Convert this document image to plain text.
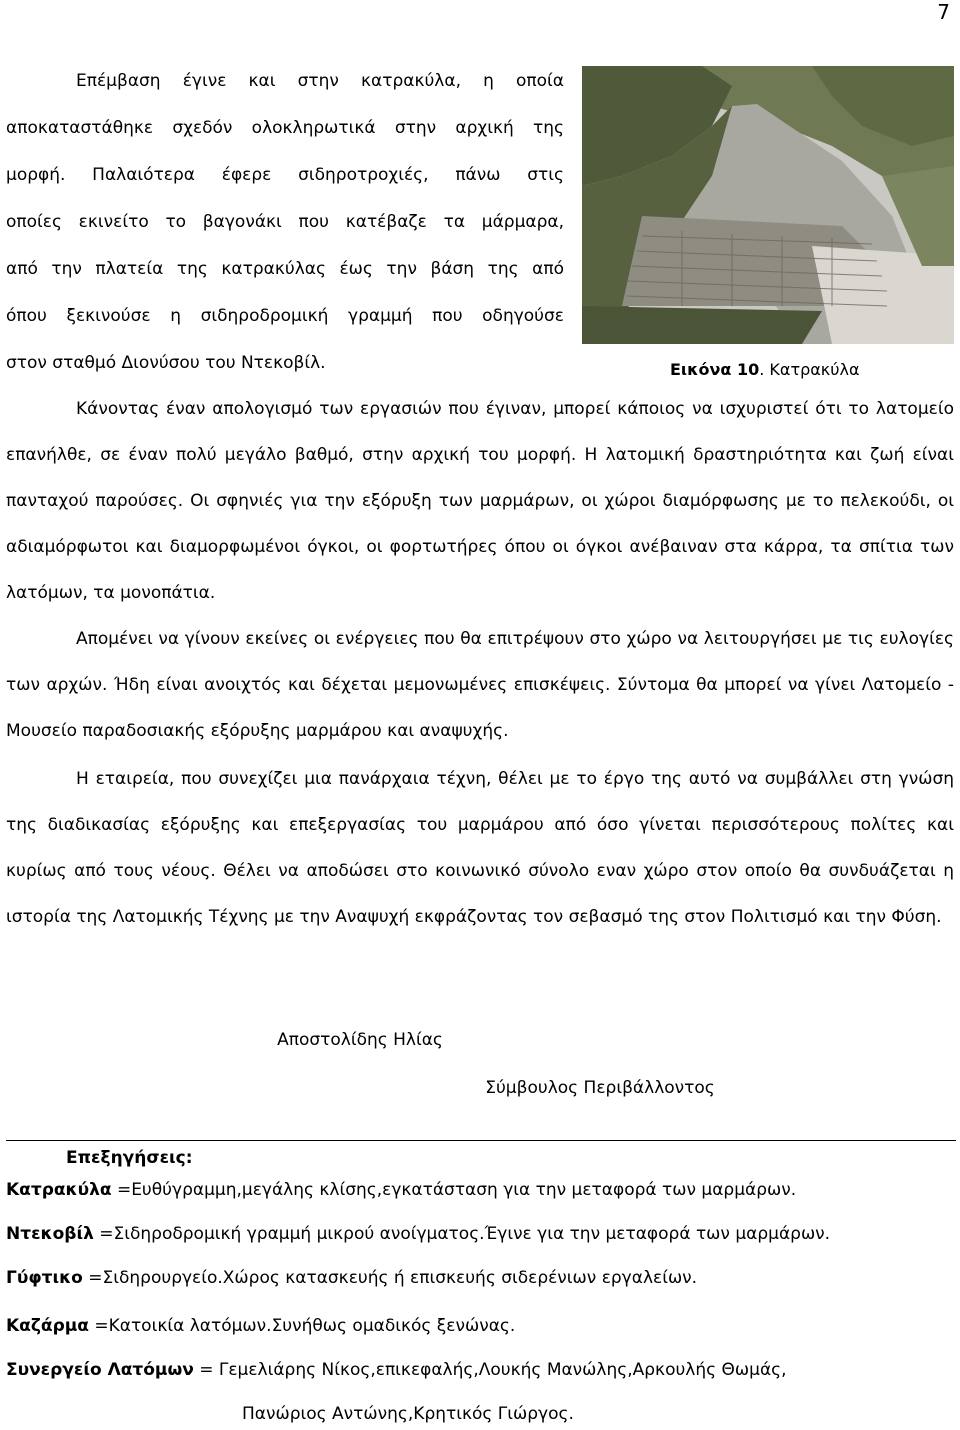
7

Επέμβαση έγινε και στην κατρακύλα, η οποία

αποκαταστάθηκε σχεδόν ολοκληρωτικά στην αρχική της

μορφή. Παλαιότερα έφερε σιδηροτροχιές, πάνω στις

οποίες εκινείτο το βαγονάκι που κατέβαζε τα μάρμαρα,

από την πλατεία της κατρακύλας έως την βάση της από

όπου ξεκινούσε η σιδηροδρομική γραμμή που οδηγούσε

στον σταθμό Διονύσου του Ντεκοβίλ.	Εικόνα 10. Κατρακύλα

Κάνοντας έναν απολογισμό των εργασιών που έγιναν, μπορεί κάποιος να ισχυριστεί ότι το λατομείο επανήλθε, σε έναν πολύ μεγάλο βαθμό, στην αρχική του μορφή. Η λατομική δραστηριότητα και ζωή είναι πανταχού παρούσες. Οι σφηνιές για την εξόρυξη των μαρμάρων, οι χώροι διαμόρφωσης με το πελεκούδι, οι αδιαμόρφωτοι και διαμορφωμένοι όγκοι, οι φορτωτήρες όπου οι όγκοι ανέβαιναν στα κάρρα, τα σπίτια των λατόμων, τα μονοπάτια.

Απομένει να γίνουν εκείνες οι ενέργειες που θα επιτρέψουν στο χώρο να λειτουργήσει με τις ευλογίες των αρχών. Ήδη είναι ανοιχτός και δέχεται μεμονωμένες επισκέψεις. Σύντομα θα μπορεί να γίνει Λατομείο - Μουσείο παραδοσιακής εξόρυξης μαρμάρου και αναψυχής.

Η εταιρεία, που συνεχίζει μια πανάρχαια τέχνη, θέλει με το έργο της αυτό να συμβάλλει στη γνώση της διαδικασίας εξόρυξης και επεξεργασίας του μαρμάρου από όσο γίνεται περισσότερους πολίτες και κυρίως από τους νέους. Θέλει να αποδώσει στο κοινωνικό σύνολο εναν χώρο στον οποίο θα συνδυάζεται η ιστορία της Λατομικής Τέχνης με την Αναψυχή εκφράζοντας τον σεβασμό της στον Πολιτισμό και την Φύση.

Αποστολίδης Ηλίας
Σύμβουλος Περιβάλλοντος
Επεξηγήσεις:
Κατρακύλα =Ευθύγραμμη,μεγάλης κλίσης,εγκατάσταση για την μεταφορά των μαρμάρων.
Ντεκοβίλ =Σιδηροδρομική γραμμή μικρού ανοίγματος.Έγινε για την μεταφορά των μαρμάρων.
Γύφτικο =Σιδηρουργείο.Χώρος κατασκευής ή επισκευής σιδερένιων εργαλείων.
Καζάρμα =Κατοικία λατόμων.Συνήθως ομαδικός ξενώνας.
Συνεργείο Λατόμων = Γεμελιάρης Νίκος,επικεφαλής,Λουκής Μανώλης,Αρκουλής Θωμάς,
Πανώριος Αντώνης,Κρητικός Γιώργος.
